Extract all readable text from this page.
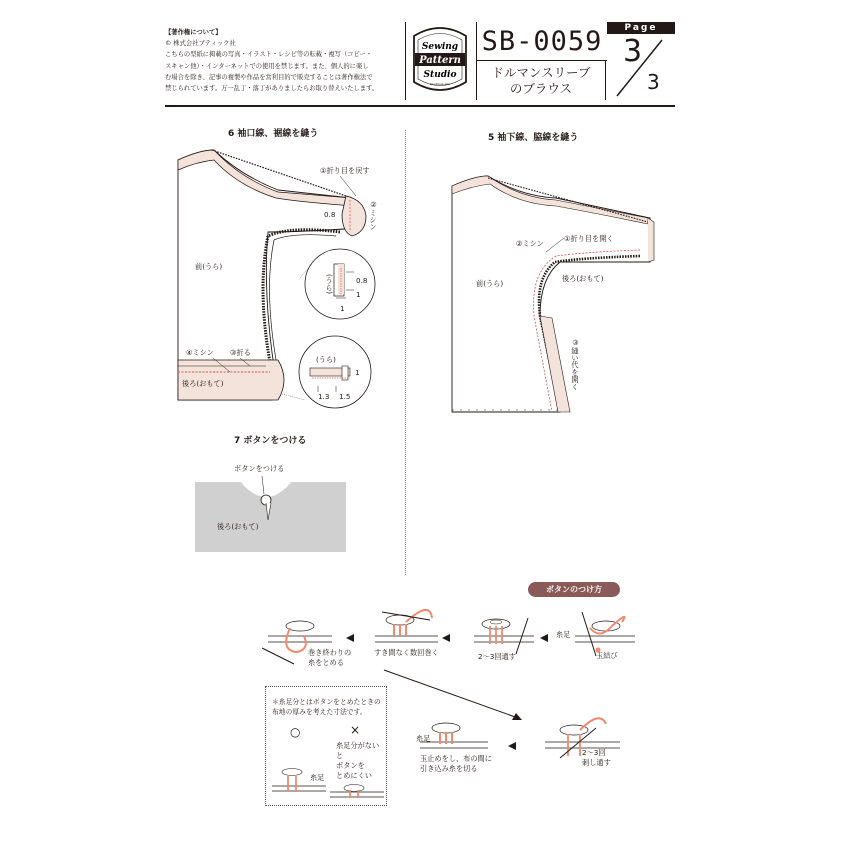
【著作権について】
© 株式会社ブティック社
こちらの型紙に掲載の写真・イラスト・レシピ等の転載・複写（コピー・
スキャン他）・インターネットでの使用を禁じます。また、個人的に楽し
む場合を除き、記事の複製や作品を営利目的で販売することは著作権法で
禁じられています。万一乱丁・落丁がありましたらお取り替えいたします。
Sewing
Pattern
Studio
boutique-sha
SB-0059
ドルマンスリーブ
のブラウス
Page
3
3
6 袖口線、裾線を縫う	5 袖下線、脇線を縫う
7 ボタンをつける
①折り目を戻す
②ミシン
0.8
前(うら)
(うら)	0.8
1
1
④ミシン ③折る
後ろ(おもて)
(うら)
1
1.3 1.5
①折り目を開く
②ミシン
後ろ(おもて)
前(うら)
③縫い代を開く
ボタンをつける
後ろ(おもて)
ボタンのつけ方
糸足
玉結び
2〜3回通す
すき間なく数回巻く
巻き終わりの
糸をとめる
糸足
玉止めをし、布の間に
引き込み糸を切る
2〜3回
刺し通す
＊糸足分とはボタンをとめたときの
布地の厚みを考えた寸法です。
○	×
糸足分がないと
ボタンを
とめにくい
糸足
